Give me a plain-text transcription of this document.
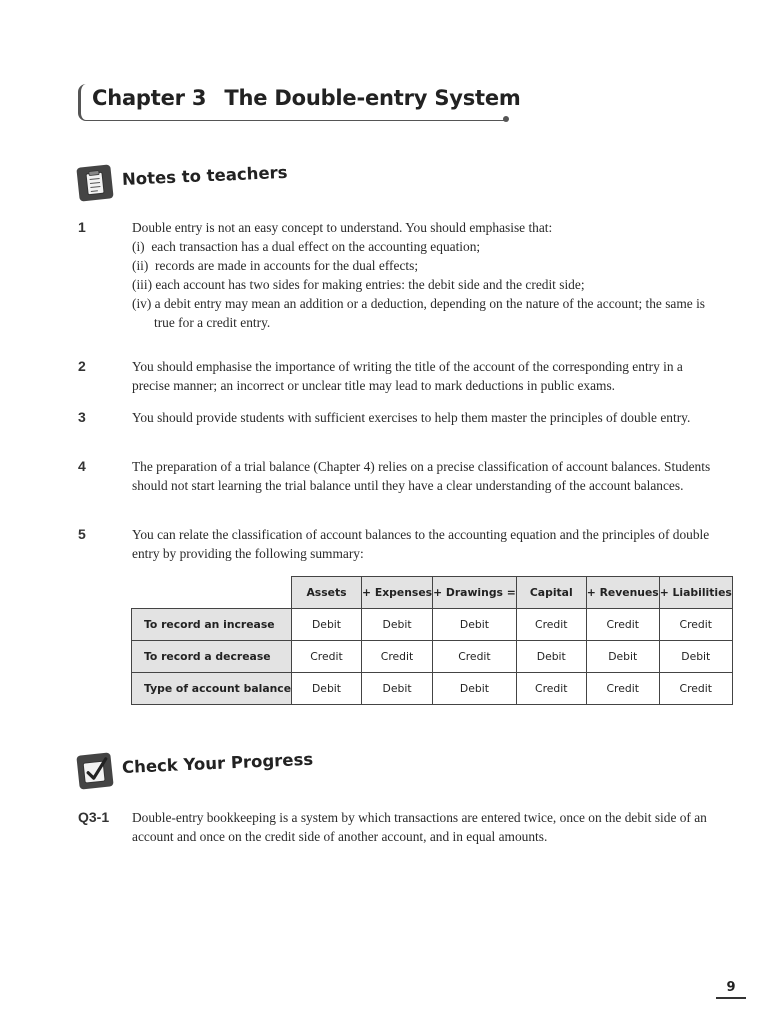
Chapter 3 The Double-entry System
Notes to teachers
1	Double entry is not an easy concept to understand. You should emphasise that:

(i)  each transaction has a dual effect on the accounting equation;

(ii)  records are made in accounts for the dual effects;

(iii) each account has two sides for making entries: the debit side and the credit side;

(iv) a debit entry may mean an addition or a deduction, depending on the nature of the account; the same is true for a credit entry.

2	You should emphasise the importance of writing the title of the account of the corresponding entry in a precise manner; an incorrect or unclear title may lead to mark deductions in public exams.
3	You should provide students with sufficient exercises to help them master the principles of double entry.
4	The preparation of a trial balance (Chapter 4) relies on a precise classification of account balances. Students should not start learning the trial balance until they have a clear understanding of the account balances.
5	You can relate the classification of account balances to the accounting equation and the principles of double entry by providing the following summary:
	Assets	+ Expenses	+ Drawings =	Capital	+ Revenues	+ Liabilities
To record an increase	Debit	Debit	Debit	Credit	Credit	Credit
To record a decrease	Credit	Credit	Credit	Debit	Debit	Debit
Type of account balance	Debit	Debit	Debit	Credit	Credit	Credit
Check Your Progress
Q3-1 Double-entry bookkeeping is a system by which transactions are entered twice, once on the debit side of an account and once on the credit side of another account, and in equal amounts.
9
